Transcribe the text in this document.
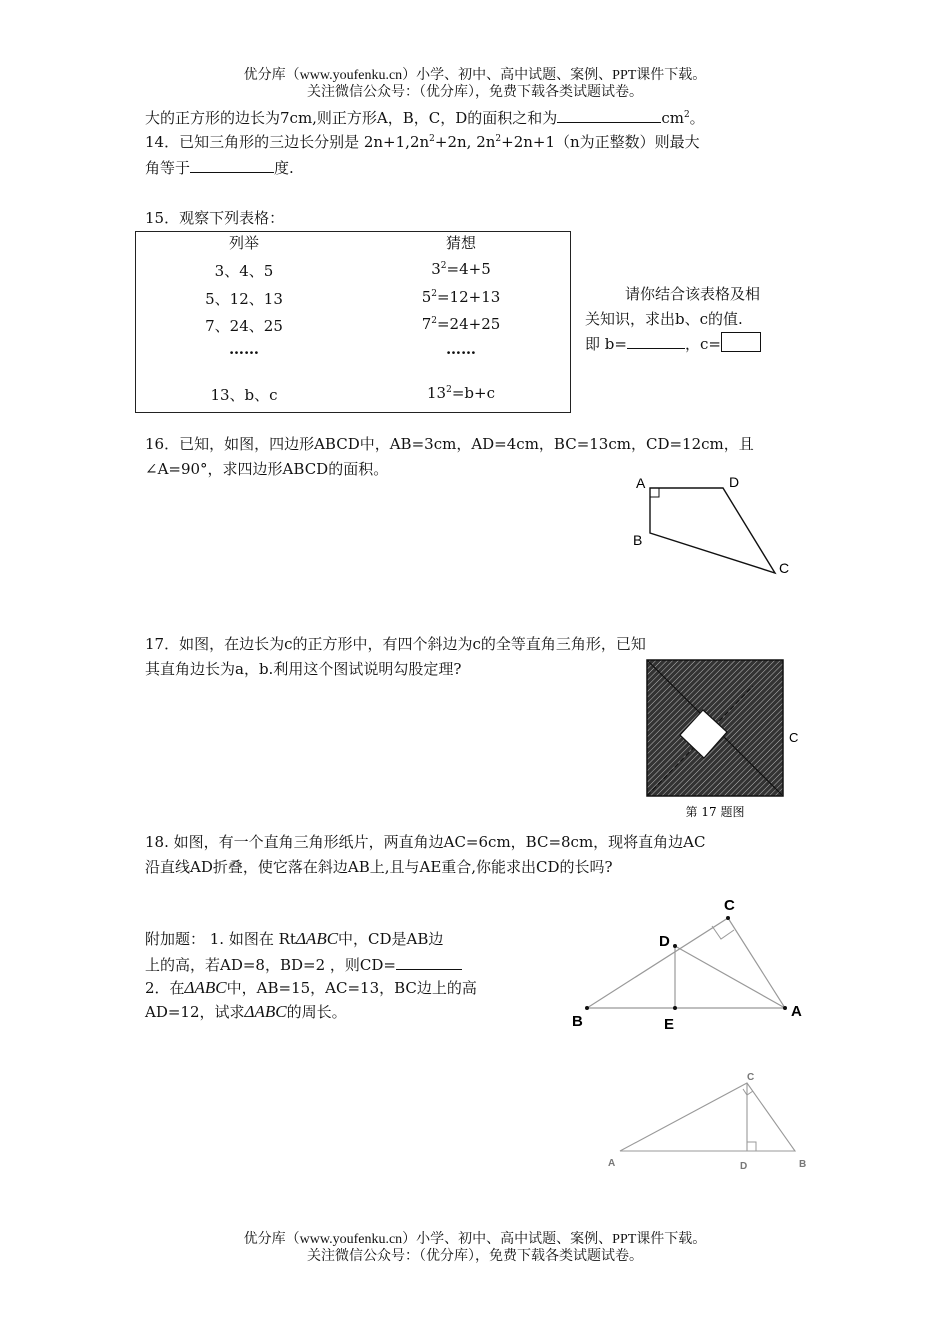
优分库（www.youfenku.cn）小学、初中、高中试题、案例、PPT课件下载。
关注微信公众号：（优分库），免费下载各类试题试卷。
大的正方形的边长为7cm,则正方形A，B，C，D的面积之和为	$cm^2$。
14．已知三角形的三边长分别是 $2n+1,2n^2+2n$, $2n^2+2n+1(n$为正整数）则最大
角等于	度.
15．观察下列表格：
列举	猜想
3、4、5	$3^2=4+5$
5、12、13	$5^2=12+13$
7、24、25	$7^2=24+25$
……	……
13、b、c	$13^2=b+c$
请你结合该表格及相
关知识，求出b、c的值.
即 b=	，c=
16．已知，如图，四边形ABCD中，AB=3cm，AD=4cm，BC=13cm，CD=12cm，且
∠A=90°，求四边形ABCD的面积。
A	D
B
C
17．如图，在边长为c的正方形中，有四个斜边为c的全等直角三角形，已知
其直角边长为a，b.利用这个图试说明勾股定理?
C
第 17 题图
18. 如图，有一个直角三角形纸片，两直角边AC=6cm，BC=8cm，现将直角边AC
沿直线AD折叠，使它落在斜边AB上,且与AE重合,你能求出CD的长吗?
C
D
B	E
A
附加题： 1. 如图在 RtΔABC中，CD是AB边
上的高，若AD=8，BD=2 ，则CD=
2．在ΔABC中，AB=15，AC=13，BC边上的高
AD=12，试求ΔABC的周长。
C
A	D	B
优分库（www.youfenku.cn）小学、初中、高中试题、案例、PPT课件下载。
关注微信公众号：（优分库），免费下载各类试题试卷。
